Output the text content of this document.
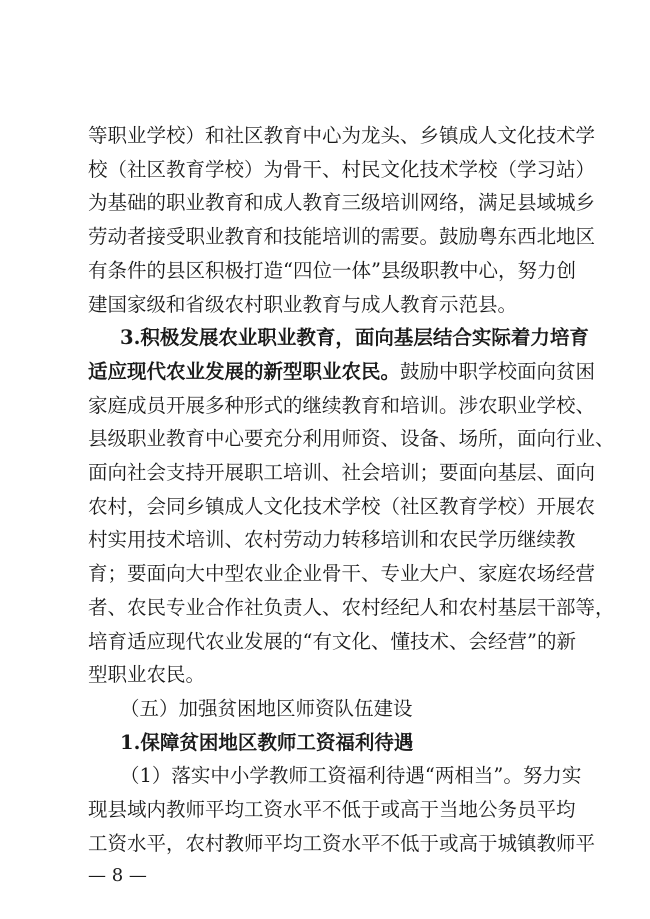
等职业学校）和社区教育中心为龙头、乡镇成人文化技术学
校（社区教育学校）为骨干、村民文化技术学校（学习站）
为基础的职业教育和成人教育三级培训网络，满足县域城乡
劳动者接受职业教育和技能培训的需要。鼓励粤东西北地区
有条件的县区积极打造“四位一体”县级职教中心，努力创
建国家级和省级农村职业教育与成人教育示范县。
3.积极发展农业职业教育，面向基层结合实际着力培育
适应现代农业发展的新型职业农民。鼓励中职学校面向贫困
家庭成员开展多种形式的继续教育和培训。涉农职业学校、
县级职业教育中心要充分利用师资、设备、场所，面向行业、
面向社会支持开展职工培训、社会培训；要面向基层、面向
农村，会同乡镇成人文化技术学校（社区教育学校）开展农
村实用技术培训、农村劳动力转移培训和农民学历继续教
育；要面向大中型农业企业骨干、专业大户、家庭农场经营
者、农民专业合作社负责人、农村经纪人和农村基层干部等，
培育适应现代农业发展的“有文化、懂技术、会经营”的新
型职业农民。
（五）加强贫困地区师资队伍建设
1.保障贫困地区教师工资福利待遇
（1）落实中小学教师工资福利待遇“两相当”。努力实
现县域内教师平均工资水平不低于或高于当地公务员平均
— 8 —
工资水平，农村教师平均工资水平不低于或高于城镇教师平
